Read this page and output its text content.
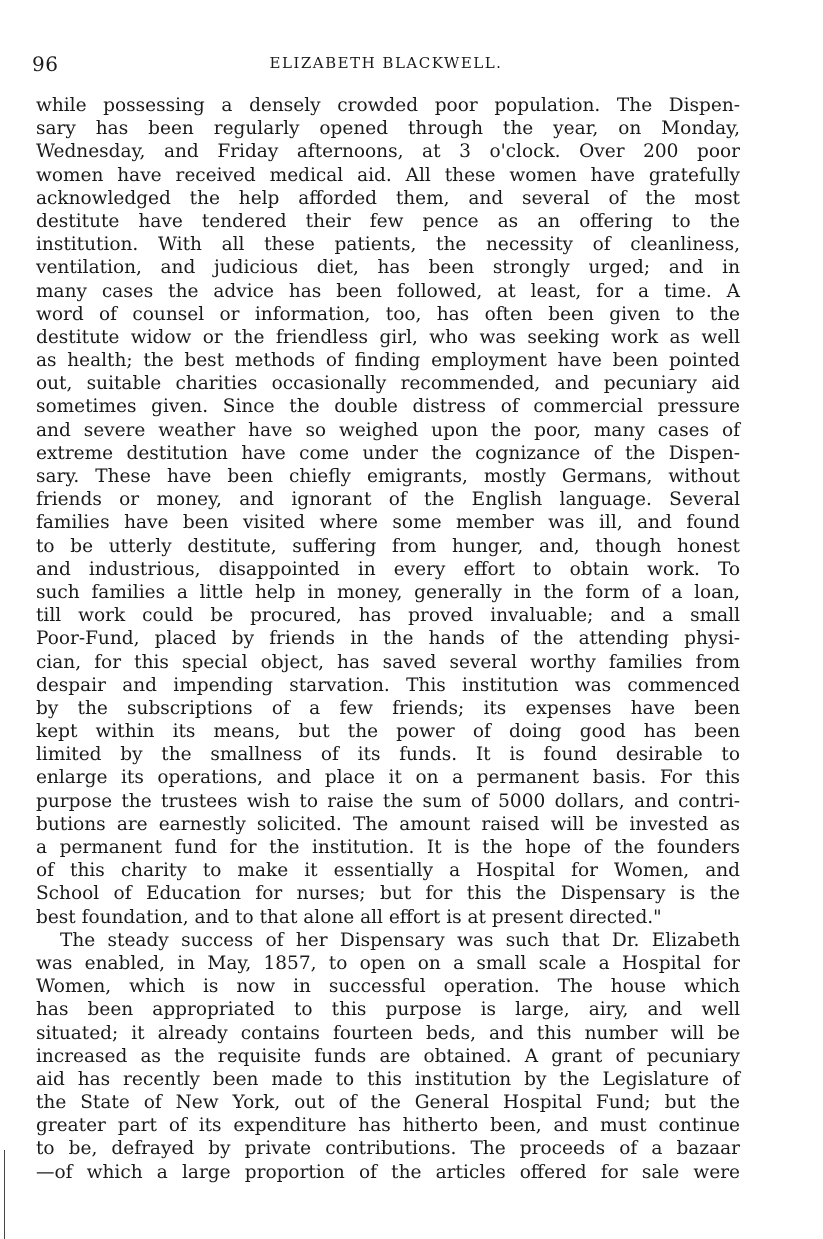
96	ELIZABETH BLACKWELL.
while possessing a densely crowded poor population. The Dispen-
sary has been regularly opened through the year, on Monday,
Wednesday, and Friday afternoons, at 3 o'clock. Over 200 poor
women have received medical aid. All these women have gratefully
acknowledged the help afforded them, and several of the most
destitute have tendered their few pence as an offering to the
institution. With all these patients, the necessity of cleanliness,
ventilation, and judicious diet, has been strongly urged; and in
many cases the advice has been followed, at least, for a time. A
word of counsel or information, too, has often been given to the
destitute widow or the friendless girl, who was seeking work as well
as health; the best methods of finding employment have been pointed
out, suitable charities occasionally recommended, and pecuniary aid
sometimes given. Since the double distress of commercial pressure
and severe weather have so weighed upon the poor, many cases of
extreme destitution have come under the cognizance of the Dispen-
sary. These have been chiefly emigrants, mostly Germans, without
friends or money, and ignorant of the English language. Several
families have been visited where some member was ill, and found
to be utterly destitute, suffering from hunger, and, though honest
and industrious, disappointed in every effort to obtain work. To
such families a little help in money, generally in the form of a loan,
till work could be procured, has proved invaluable; and a small
Poor-Fund, placed by friends in the hands of the attending physi-
cian, for this special object, has saved several worthy families from
despair and impending starvation. This institution was commenced
by the subscriptions of a few friends; its expenses have been
kept within its means, but the power of doing good has been
limited by the smallness of its funds. It is found desirable to
enlarge its operations, and place it on a permanent basis. For this
purpose the trustees wish to raise the sum of 5000 dollars, and contri-
butions are earnestly solicited. The amount raised will be invested as
a permanent fund for the institution. It is the hope of the founders
of this charity to make it essentially a Hospital for Women, and
School of Education for nurses; but for this the Dispensary is the
best foundation, and to that alone all effort is at present directed."
The steady success of her Dispensary was such that Dr. Elizabeth
was enabled, in May, 1857, to open on a small scale a Hospital for
Women, which is now in successful operation. The house which
has been appropriated to this purpose is large, airy, and well
situated; it already contains fourteen beds, and this number will be
increased as the requisite funds are obtained. A grant of pecuniary
aid has recently been made to this institution by the Legislature of
the State of New York, out of the General Hospital Fund; but the
greater part of its expenditure has hitherto been, and must continue
to be, defrayed by private contributions. The proceeds of a bazaar
—of which a large proportion of the articles offered for sale were
